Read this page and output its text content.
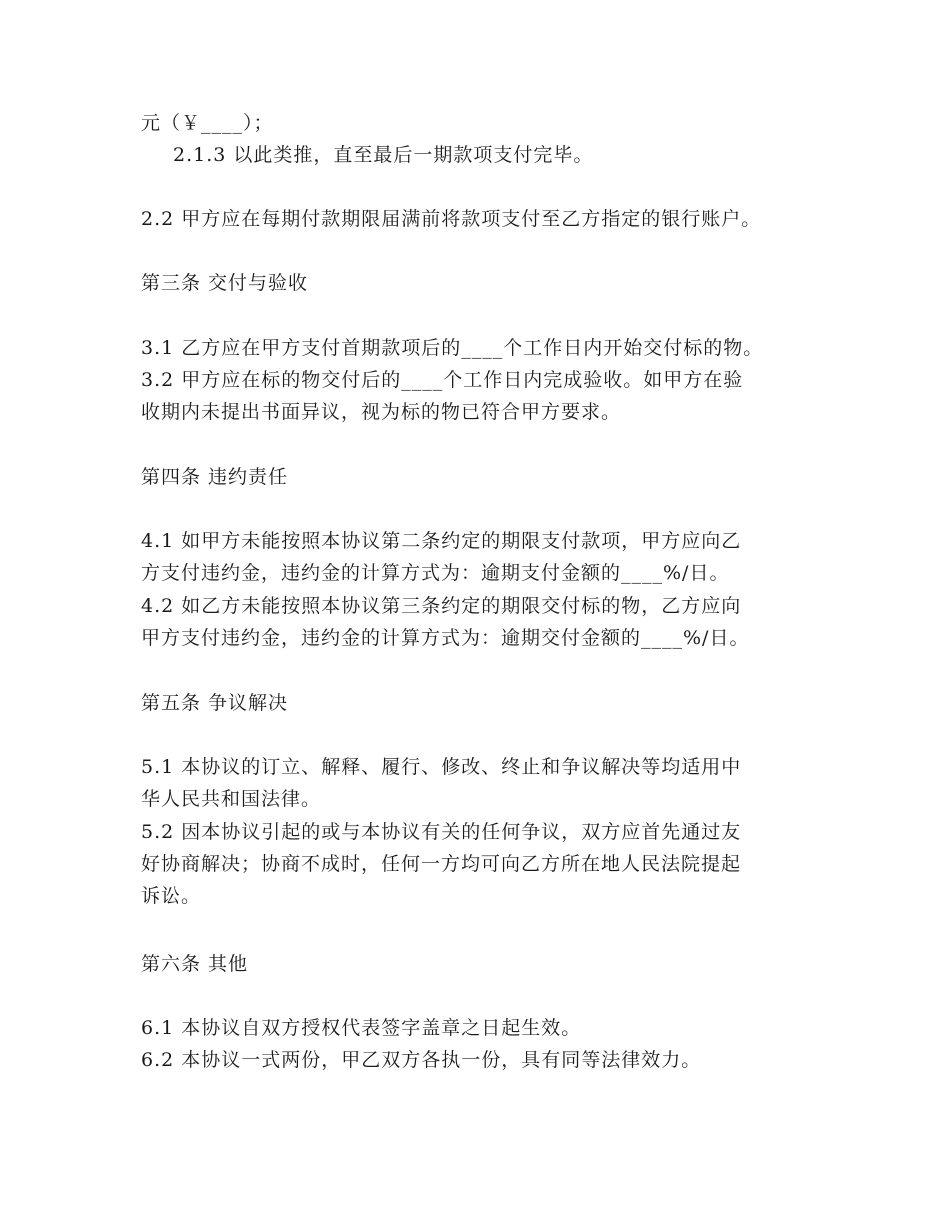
元（￥____）；
2.1.3 以此类推，直至最后一期款项支付完毕。
2.2 甲方应在每期付款期限届满前将款项支付至乙方指定的银行账户。
第三条 交付与验收
3.1 乙方应在甲方支付首期款项后的____个工作日内开始交付标的物。
3.2 甲方应在标的物交付后的____个工作日内完成验收。如甲方在验
收期内未提出书面异议，视为标的物已符合甲方要求。
第四条 违约责任
4.1 如甲方未能按照本协议第二条约定的期限支付款项，甲方应向乙
方支付违约金，违约金的计算方式为：逾期支付金额的____%/日。
4.2 如乙方未能按照本协议第三条约定的期限交付标的物，乙方应向
甲方支付违约金，违约金的计算方式为：逾期交付金额的____%/日。
第五条 争议解决
5.1 本协议的订立、解释、履行、修改、终止和争议解决等均适用中
华人民共和国法律。
5.2 因本协议引起的或与本协议有关的任何争议，双方应首先通过友
好协商解决；协商不成时，任何一方均可向乙方所在地人民法院提起
诉讼。
第六条 其他
6.1 本协议自双方授权代表签字盖章之日起生效。
6.2 本协议一式两份，甲乙双方各执一份，具有同等法律效力。
